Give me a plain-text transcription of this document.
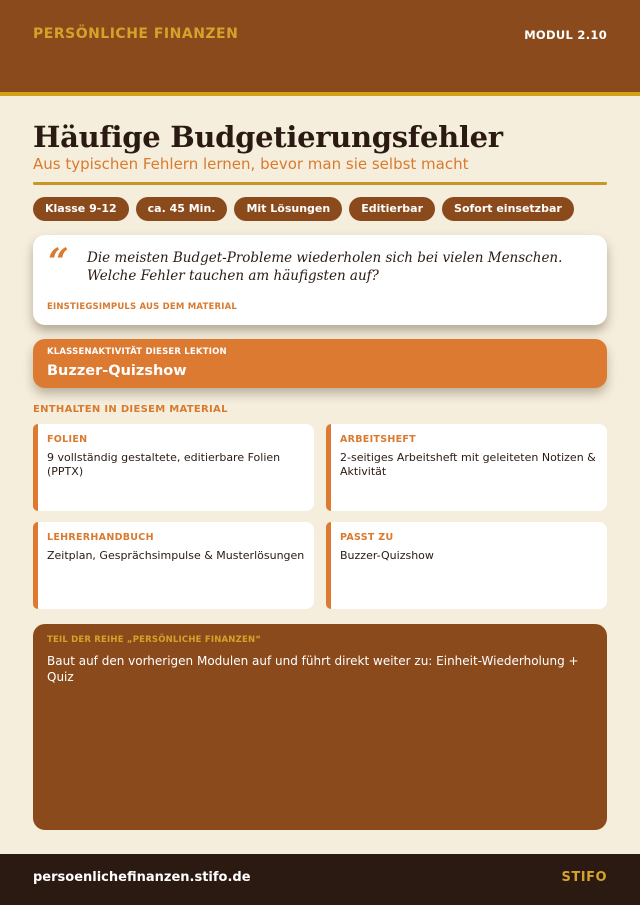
PERSÖNLICHE FINANZEN	MODUL 2.10
Häufige Budgetierungsfehler
Aus typischen Fehlern lernen, bevor man sie selbst macht
Klasse 9-12	ca. 45 Min.	Mit Lösungen	Editierbar	Sofort einsetzbar
“ Die meisten Budget-Probleme wiederholen sich bei vielen Menschen. Welche Fehler tauchen am häufigsten auf?
EINSTIEGSIMPULS AUS DEM MATERIAL
KLASSENAKTIVITÄT DIESER LEKTION
Buzzer-Quizshow
ENTHALTEN IN DIESEM MATERIAL
FOLIEN
9 vollständig gestaltete, editierbare Folien (PPTX)
ARBEITSHEFT
2-seitiges Arbeitsheft mit geleiteten Notizen & Aktivität
LEHRERHANDBUCH
Zeitplan, Gesprächsimpulse & Musterlösungen
PASST ZU
Buzzer-Quizshow
TEIL DER REIHE „PERSÖNLICHE FINANZEN“
Baut auf den vorherigen Modulen auf und führt direkt weiter zu: Einheit-Wiederholung + Quiz
persoenlichefinanzen.stifo.de	STIFO
